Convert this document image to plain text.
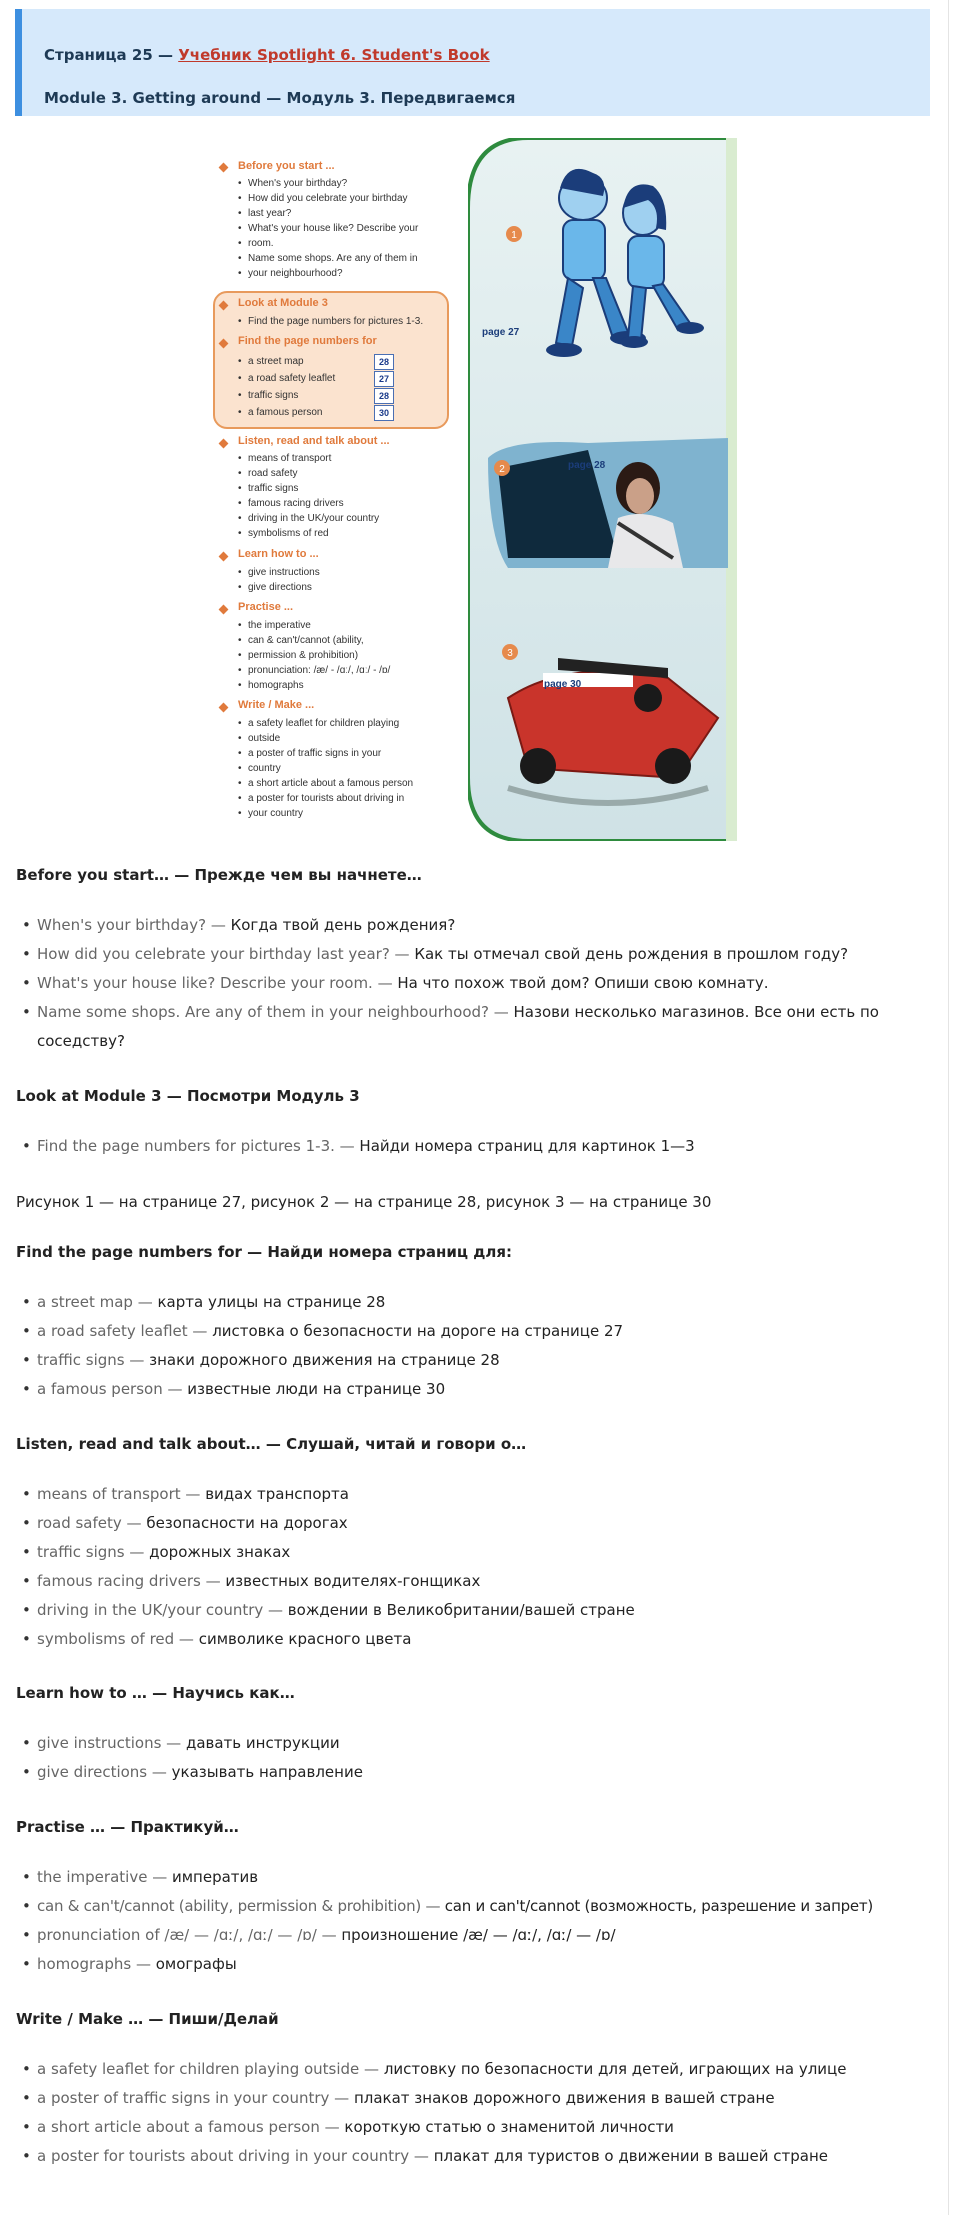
Страница 25 — Учебник Spotlight 6. Student's Book
Module 3. Getting around — Модуль 3. Передвигаемся
Before you start ...
• When's your birthday?
• How did you celebrate your birthday
• last year?
• What's your house like? Describe your
• room.
• Name some shops. Are any of them in
• your neighbourhood?
Look at Module 3
• Find the page numbers for pictures 1-3.
Find the page numbers for
• a street map
• a road safety leaflet
• traffic signs
• a famous person
28
27
28
30
Listen, read and talk about ...
• means of transport
• road safety
• traffic signs
• famous racing drivers
• driving in the UK/your country
• symbolisms of red
Learn how to ...
• give instructions
• give directions
Practise ...
• the imperative
• can & can't/cannot (ability,
• permission & prohibition)
• pronunciation: /æ/ - /ɑː/, /ɑː/ - /ɒ/
• homographs
Write / Make ...
• a safety leaflet for children playing
• outside
• a poster of traffic signs in your
• country
• a short article about a famous person
• a poster for tourists about driving in
• your country
1
page 27
2	page 28
3
page 30
Before you start… — Прежде чем вы начнете…
• When's your birthday? — Когда твой день рождения?
• How did you celebrate your birthday last year? — Как ты отмечал свой день рождения в прошлом году?
• What's your house like? Describe your room. — На что похож твой дом? Опиши свою комнату.
• Name some shops. Are any of them in your neighbourhood? — Назови несколько магазинов. Все они есть по
соседству?
Look at Module 3 — Посмотри Модуль 3
• Find the page numbers for pictures 1-3. — Найди номера страниц для картинок 1—3
Рисунок 1 — на странице 27, рисунок 2 — на странице 28, рисунок 3 — на странице 30
Find the page numbers for — Найди номера страниц для:
• a street map — карта улицы на странице 28
• a road safety leaflet — листовка о безопасности на дороге на странице 27
• traffic signs — знаки дорожного движения на странице 28
• a famous person — известные люди на странице 30
Listen, read and talk about… — Слушай, читай и говори о…
• means of transport — видах транспорта
• road safety — безопасности на дорогах
• traffic signs — дорожных знаках
• famous racing drivers — известных водителях-гонщиках
• driving in the UK/your country — вождении в Великобритании/вашей стране
• symbolisms of red — символике красного цвета
Learn how to … — Научись как…
• give instructions — давать инструкции
• give directions — указывать направление
Practise … — Практикуй…
• the imperative — императив
• can & can't/cannot (ability, permission & prohibition) — can и can't/cannot (возможность, разрешение и запрет)
• pronunciation of /æ/ — /ɑː/, /ɑː/ — /ɒ/ — произношение /æ/ — /ɑː/, /ɑː/ — /ɒ/
• homographs — омографы
Write / Make … — Пиши/Делай
• a safety leaflet for children playing outside — листовку по безопасности для детей, играющих на улице
• a poster of traffic signs in your country — плакат знаков дорожного движения в вашей стране
• a short article about a famous person — короткую статью о знаменитой личности
• a poster for tourists about driving in your country — плакат для туристов о движении в вашей стране
